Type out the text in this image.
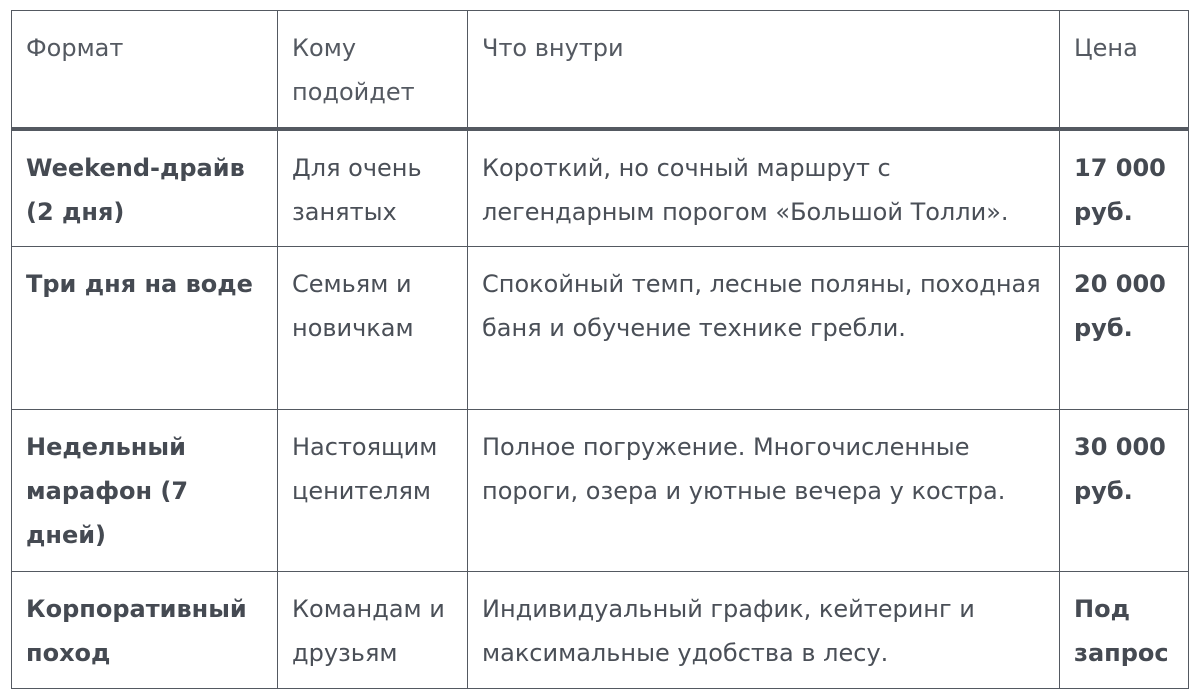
Формат	Кому подойдет	Что внутри	Цена
Weekend-драйв (2 дня)	Для очень занятых	Короткий, но сочный маршрут с легендарным порогом «Большой Толли».	17 000 руб.
Три дня на воде	Семьям и новичкам	Спокойный темп, лесные поляны, походная баня и обучение технике гребли.	20 000 руб.
Недельный марафон (7 дней)	Настоящим ценителям	Полное погружение. Многочисленные пороги, озера и уютные вечера у костра.	30 000 руб.
Корпоративный поход	Командам и друзьям	Индивидуальный график, кейтеринг и максимальные удобства в лесу.	Под запрос
